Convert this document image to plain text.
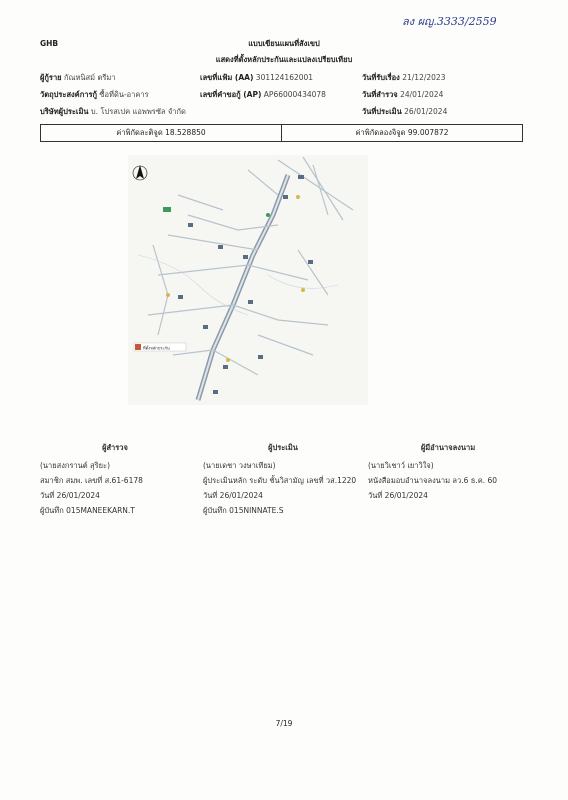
ลง ผญ.3333/2559
GHB	แบบเขียนแผนที่สังเขป
แสดงที่ตั้งหลักประกันและแปลงเปรียบเทียบ
ผู้กู้ราย กัณหนิสม์ ตรีมา
วัตถุประสงค์การกู้ ซื้อที่ดิน-อาคาร
บริษัทผู้ประเมิน บ. โปรสเปค แอพพรซัล จำกัด
เลขที่แฟ้ม (AA) 301124162001
เลขที่คำขอกู้ (AP) AP66000434078
วันที่รับเรื่อง 21/12/2023
วันที่สำรวจ 24/01/2024
วันที่ประเมิน 26/01/2024
ค่าพิกัดละติจูด 18.528850	ค่าพิกัดลองจิจูด 99.007872
ที่ตั้งหลักประกัน
ผู้สำรวจ
(นายสงกรานต์ สุริยะ)
สมาชิก สมพ. เลขที่ ส.61-6178
วันที่ 26/01/2024
ผู้บันทึก 015MANEEKARN.T
ผู้ประเมิน
(นายเดชา วงษาเทียม)
ผู้ประเมินหลัก ระดับ ชั้นวิสามัญ เลขที่ วส.1220
วันที่ 26/01/2024
ผู้บันทึก 015NINNATE.S
ผู้มีอำนาจลงนาม
(นายวิเชาว์ เยาวิใจ)
หนังสือมอบอำนาจลงนาม ลว.6 ธ.ค. 60
วันที่ 26/01/2024
7/19
